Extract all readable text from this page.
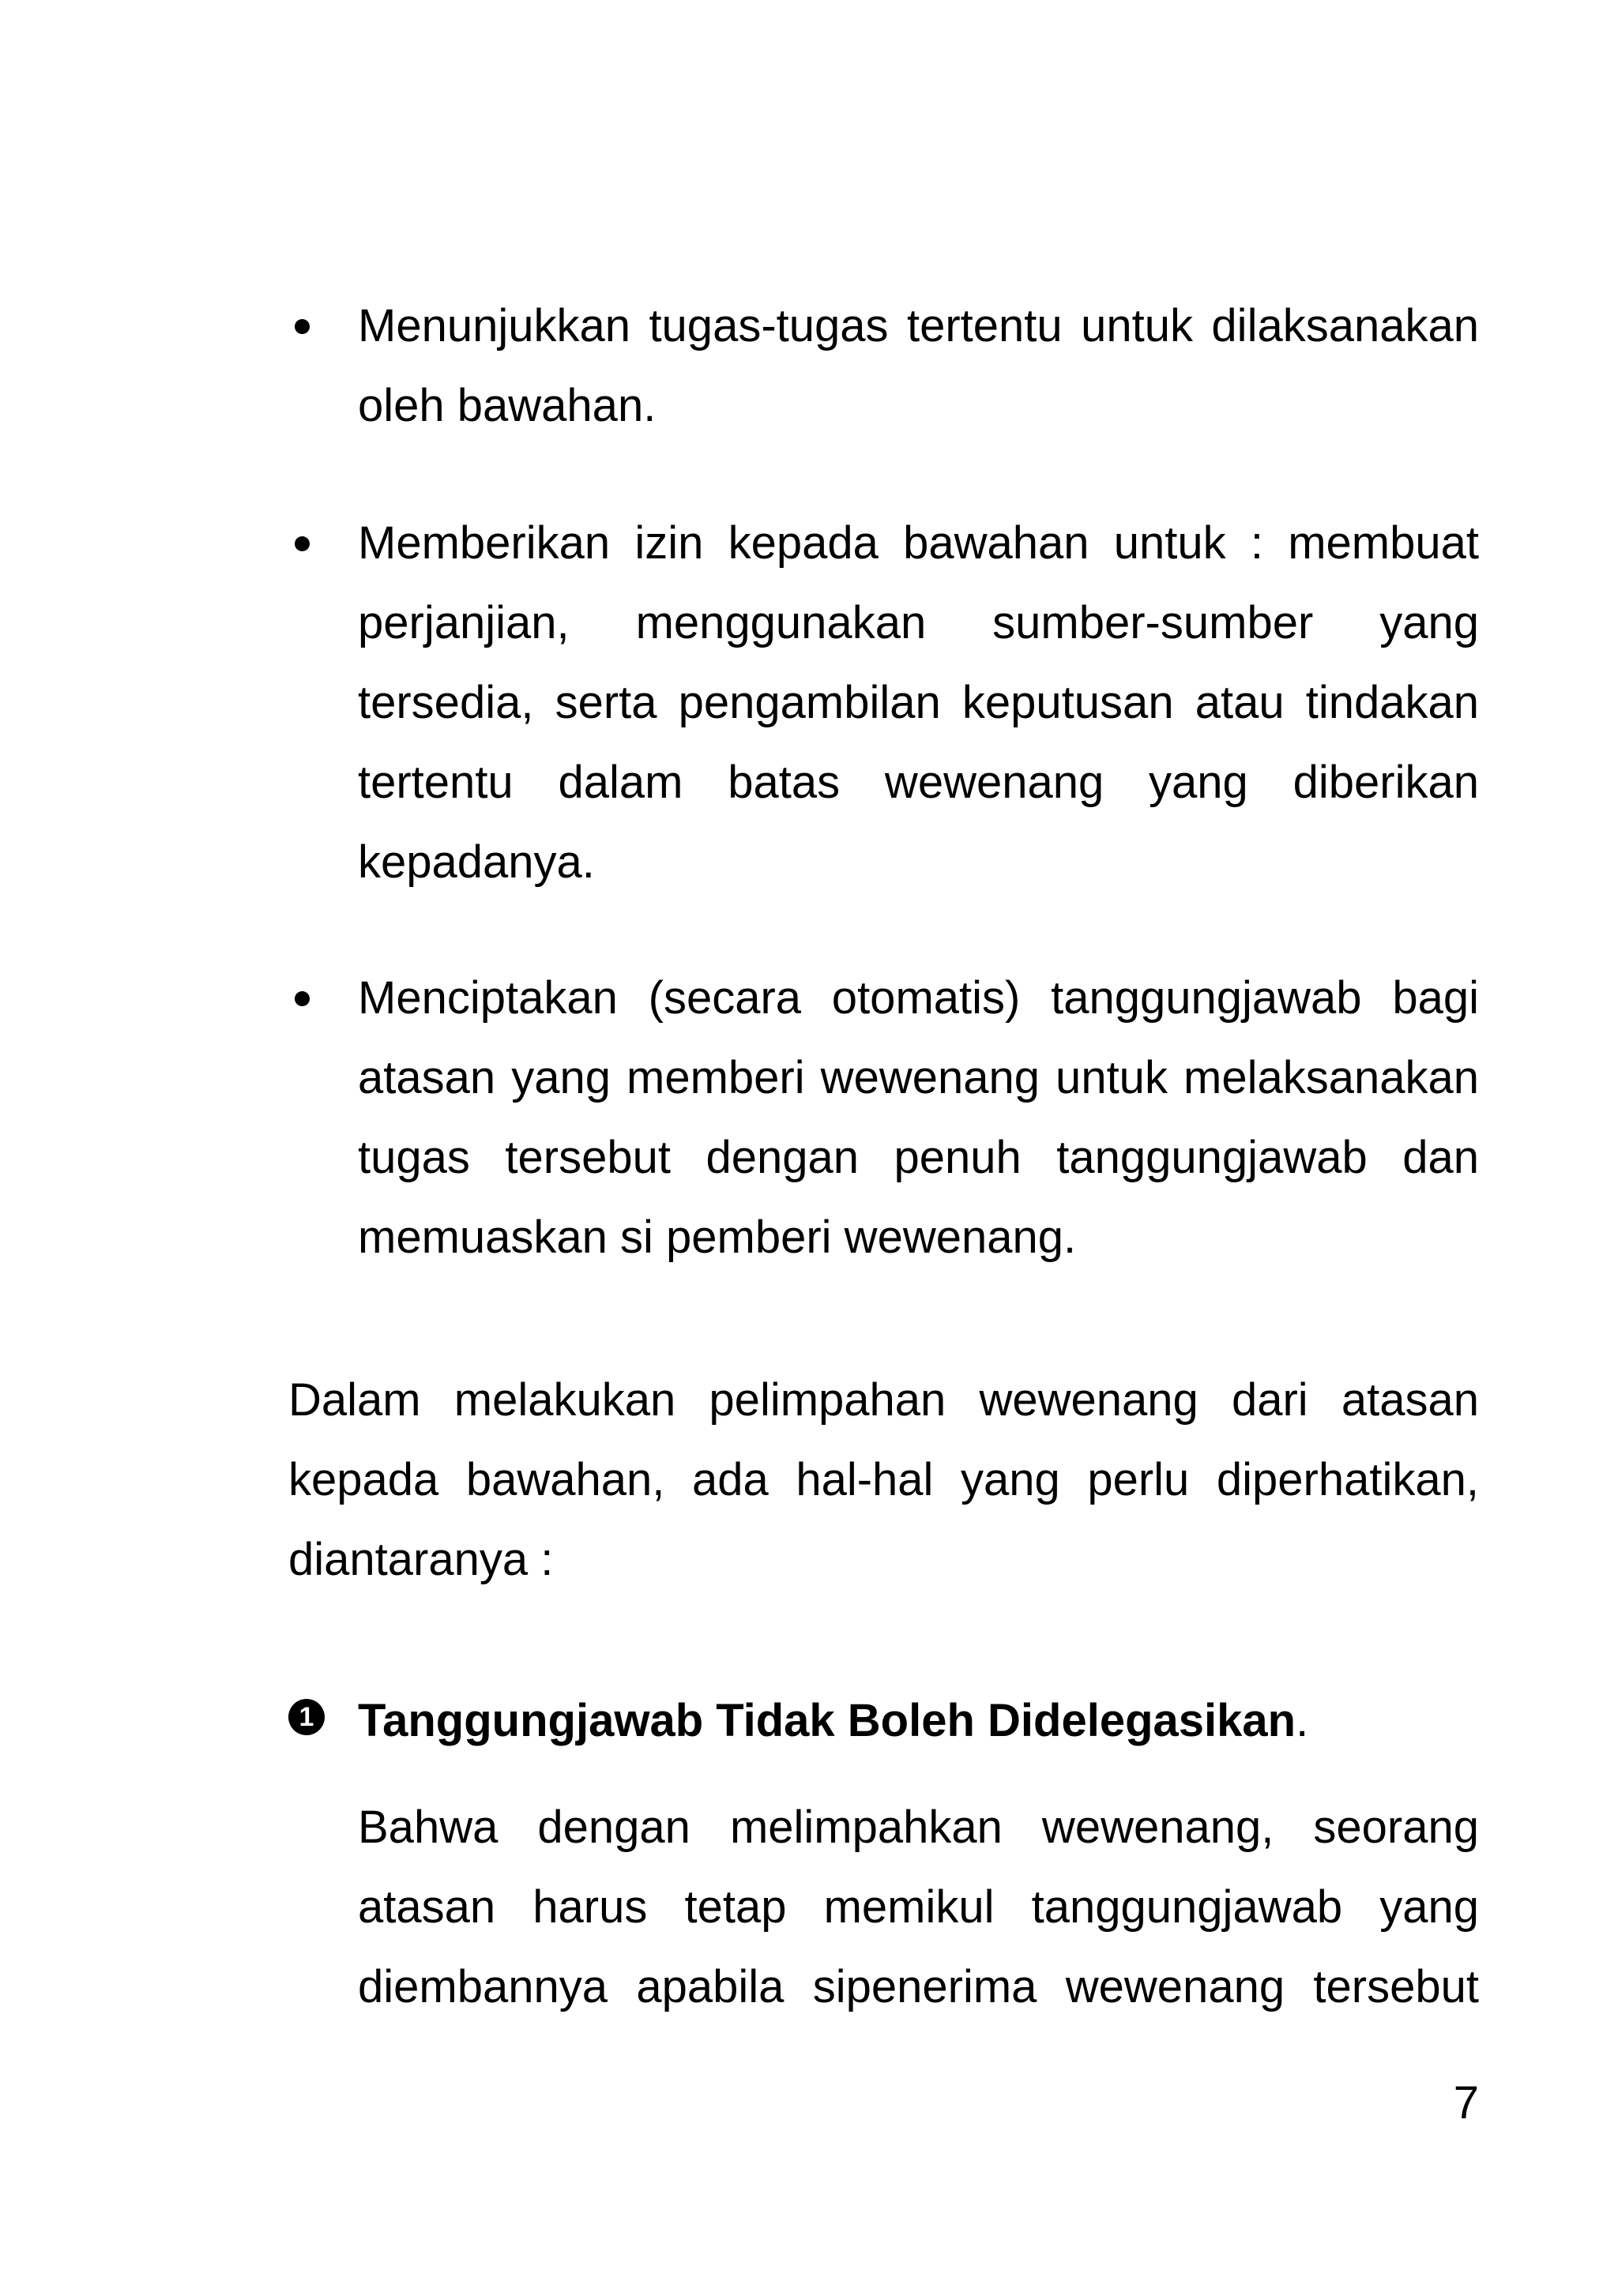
Menunjukkan tugas-tugas tertentu untuk dilaksanakan oleh bawahan.

Memberikan izin kepada bawahan untuk : membuat perjanjian, menggunakan sumber-sumber yang tersedia, serta pengambilan keputusan atau tindakan tertentu dalam batas wewenang yang diberikan kepadanya.

Menciptakan (secara otomatis) tanggungjawab bagi atasan yang memberi wewenang untuk melaksanakan tugas tersebut dengan penuh tanggungjawab dan memuaskan si pemberi wewenang.

Dalam melakukan pelimpahan wewenang dari atasan kepada bawahan, ada hal-hal yang perlu diperhatikan, diantaranya :

1 Tanggungjawab Tidak Boleh Didelegasikan.

Bahwa dengan melimpahkan wewenang, seorang atasan harus tetap memikul tanggungjawab yang diembannya apabila sipenerima wewenang tersebut

7
